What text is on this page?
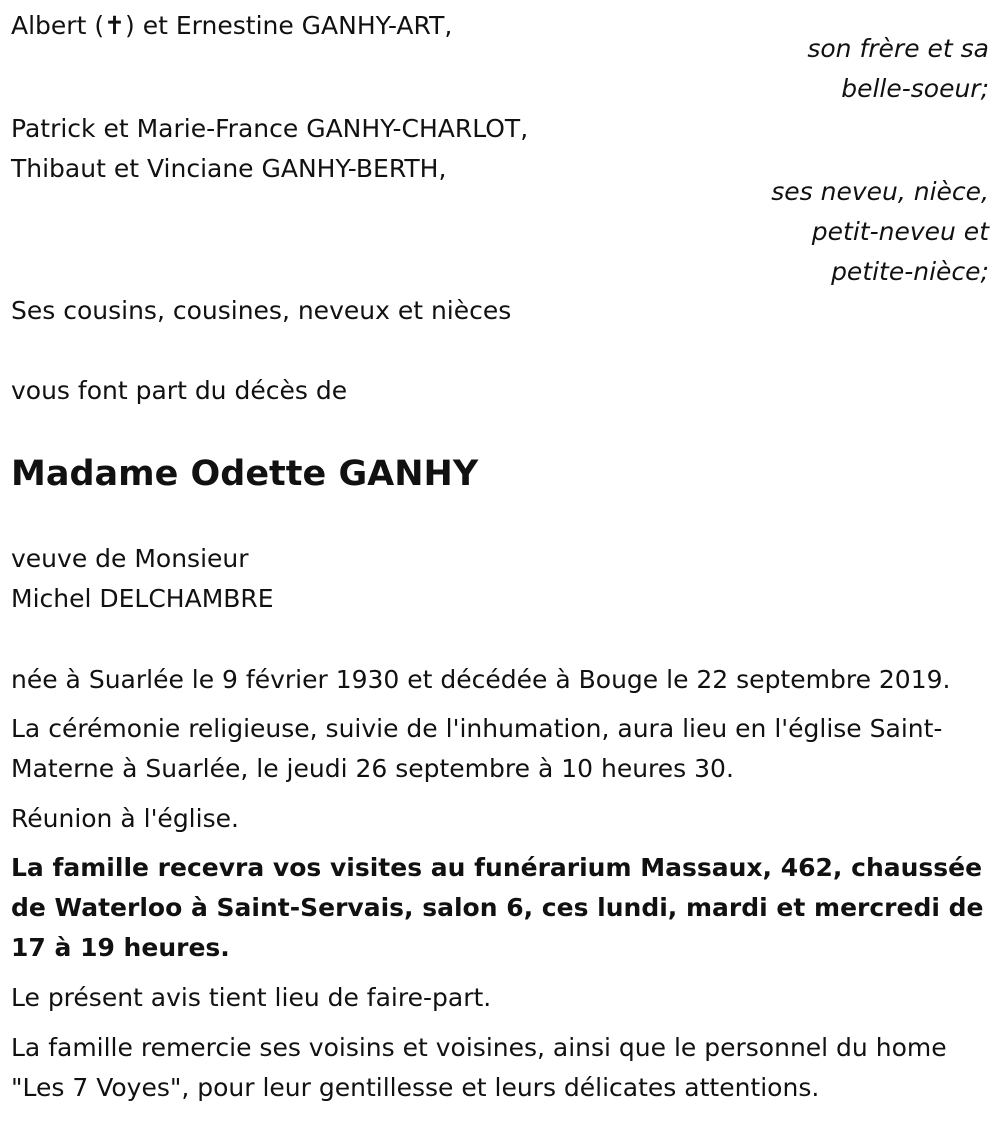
Albert (✝) et Ernestine GANHY-ART,

son frère et sa
belle-soeur;

Patrick et Marie-France GANHY-CHARLOT,

Thibaut et Vinciane GANHY-BERTH,

ses neveu, nièce,
petit-neveu et
petite-nièce;

Ses cousins, cousines, neveux et nièces

vous font part du décès de

Madame Odette GANHY

veuve de Monsieur

Michel DELCHAMBRE

née à Suarlée le 9 février 1930 et décédée à Bouge le 22 septembre 2019.

La cérémonie religieuse, suivie de l'inhumation, aura lieu en l'église Saint-Materne à Suarlée, le jeudi 26 septembre à 10 heures 30.

Réunion à l'église.

La famille recevra vos visites au funérarium Massaux, 462, chaussée de Waterloo à Saint-Servais, salon 6, ces lundi, mardi et mercredi de 17 à 19 heures.

Le présent avis tient lieu de faire-part.

La famille remercie ses voisins et voisines, ainsi que le personnel du home "Les 7 Voyes", pour leur gentillesse et leurs délicates attentions.
